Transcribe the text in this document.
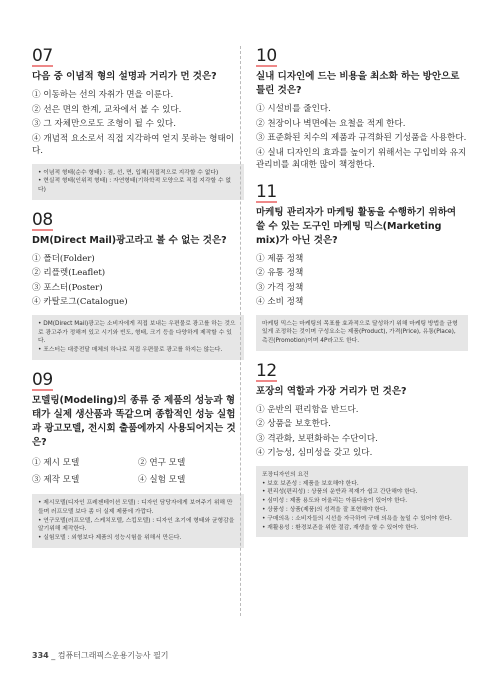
07
다음 중 이념적 형의 설명과 거리가 먼 것은?
① 이동하는 선의 자취가 면을 이룬다.
② 선은 면의 한계, 교차에서 볼 수 있다.
③ 그 자체만으로도 조형이 될 수 있다.
④ 개념적 요소로서 직접 지각하여 얻지 못하는 형태이다.

• 이념적 형태(순수 형태) : 점, 선, 면, 입체(직접적으로 지각할 수 없다)

• 현실적 형태(인위적 형태) : 자연형태(기하학적 모양으로 직접 지각할 수 없다)

08
DM(Direct Mail)광고라고 볼 수 없는 것은?
① 폴더(Folder)
② 리플렛(Leaflet)
③ 포스터(Poster)
④ 카탈로그(Catalogue)

• DM(Direct Mail)광고는 소비자에게 직접 보내는 우편물로 광고를 하는 것으로 광고주가 정해져 있고 시기와 빈도, 형태, 크기 등을 다양하게 제작할 수 있다.

• 포스터는 대중전달 매체의 하나로 직접 우편물로 광고를 하지는 않는다.

09
모델링(Modeling)의 종류 중 제품의 성능과 형태가 실제 생산품과 똑같으며 종합적인 성능 실험과 광고모델, 전시회 출품에까지 사용되어지는 것은?
① 제시 모델	② 연구 모델
③ 제작 모델	④ 실험 모델

• 제시모델(디자인 프레젠테이션 모델) : 디자인 담당자에게 보여주기 위해 만들며 러프모델 보다 좀 더 실제 제품에 가깝다.

• 연구모델(러프모델, 스케치모델, 스킵모델) : 디자인 초기에 형태와 균형감을 알기위해 제작한다.

• 실험모델 : 외형보다 제품의 성능시험을 위해서 만든다.

10
실내 디자인에 드는 비용을 최소화 하는 방안으로 틀린 것은?
① 시설비를 줄인다.
② 천장이나 벽면에는 요철을 적게 한다.
③ 표준화된 치수의 제품과 규격화된 기성품을 사용한다.
④ 실내 디자인의 효과를 높이기 위해서는 구입비와 유지관리비를 최대한 많이 책정한다.
11
마케팅 관리자가 마케팅 활동을 수행하기 위하여 쓸 수 있는 도구인 마케팅 믹스(Marketing mix)가 아닌 것은?
① 제품 정책
② 유통 정책
③ 가격 정책
④ 소비 정책

마케팅 믹스는 마케팅의 목표를 효과적으로 달성하기 위해 마케팅 방법을 균형있게 조정하는 것이며 구성요소는 제품(Product), 가격(Price), 유통(Place), 촉진(Promotion)이며 4P라고도 한다.

12
포장의 역할과 가장 거리가 먼 것은?
① 운반의 편리함을 반드다.
② 상품을 보호한다.
③ 격관화, 보편화하는 수단이다.
④ 기능성, 심미성을 갖고 있다.

포장디자인의 요건

• 보호 보존성 : 제품을 보호해야 한다.

• 편리성(편리성) : 상품의 운반과 적재가 쉽고 간단해야 한다.

• 심미성 : 제품 용도와 어울리는 아름다움이 있어야 한다.

• 상품성 : 상품(제품)의 성격을 잘 표현해야 한다.

• 구매의욕 : 소비자들의 시선을 자극하여 구매 의욕을 높일 수 있어야 한다.

• 재활용성 : 환경보존을 위한 절감, 재생을 할 수 있어야 한다.

334 _ 컴퓨터그래픽스운용기능사 필기
